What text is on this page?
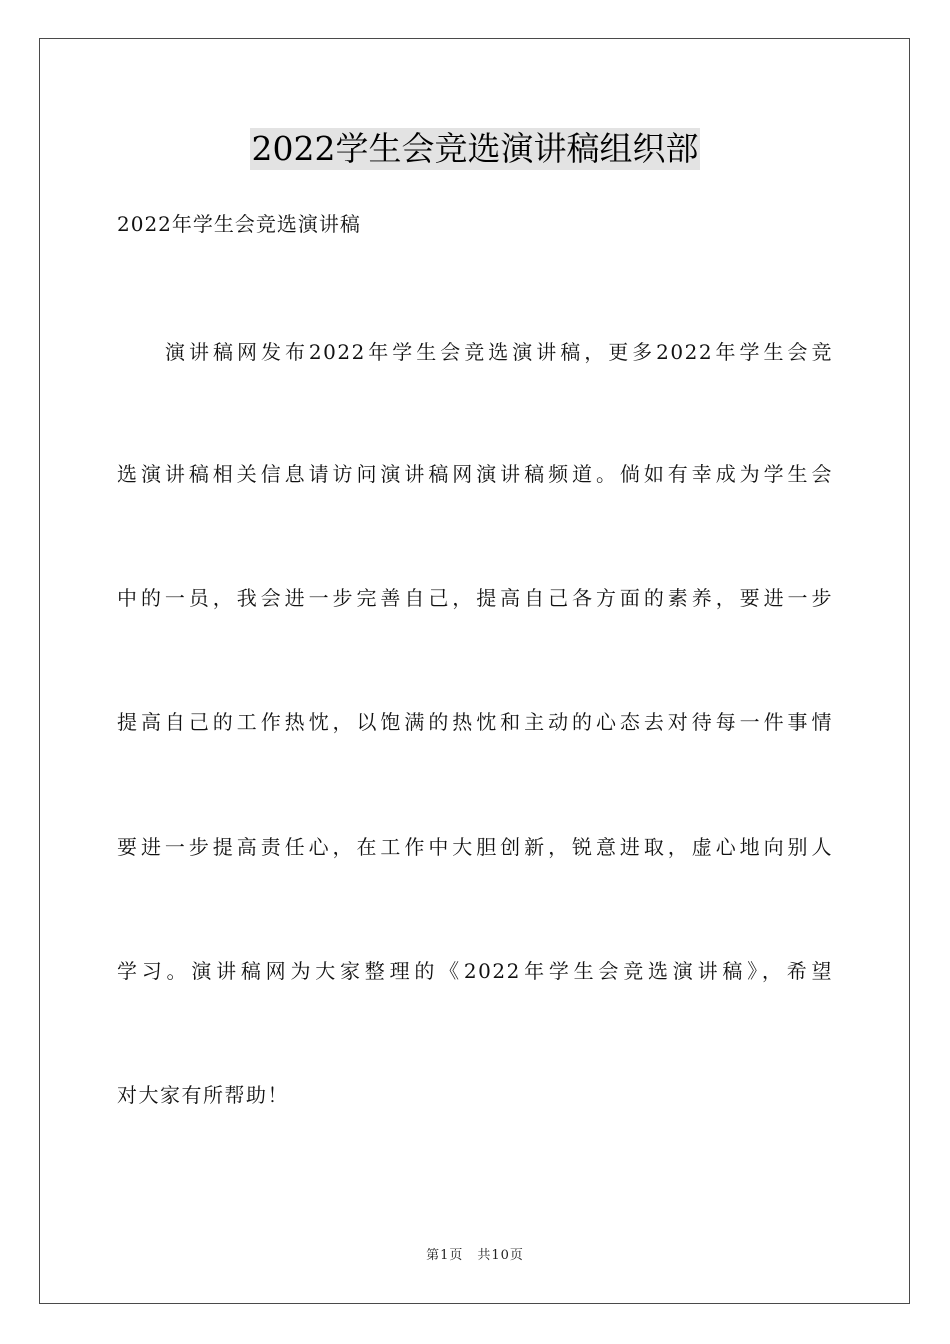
2022学生会竞选演讲稿组织部
2022年学生会竞选演讲稿
演讲稿网发布2022年学生会竞选演讲稿，更多2022年学生会竞
选演讲稿相关信息请访问演讲稿网演讲稿频道。倘如有幸成为学生会
中的一员，我会进一步完善自己，提高自己各方面的素养，要进一步
提高自己的工作热忱，以饱满的热忱和主动的心态去对待每一件事情
要进一步提高责任心，在工作中大胆创新，锐意进取，虚心地向别人
学习。演讲稿网为大家整理的《2022年学生会竞选演讲稿》，希望
对大家有所帮助！
第1页 共10页
